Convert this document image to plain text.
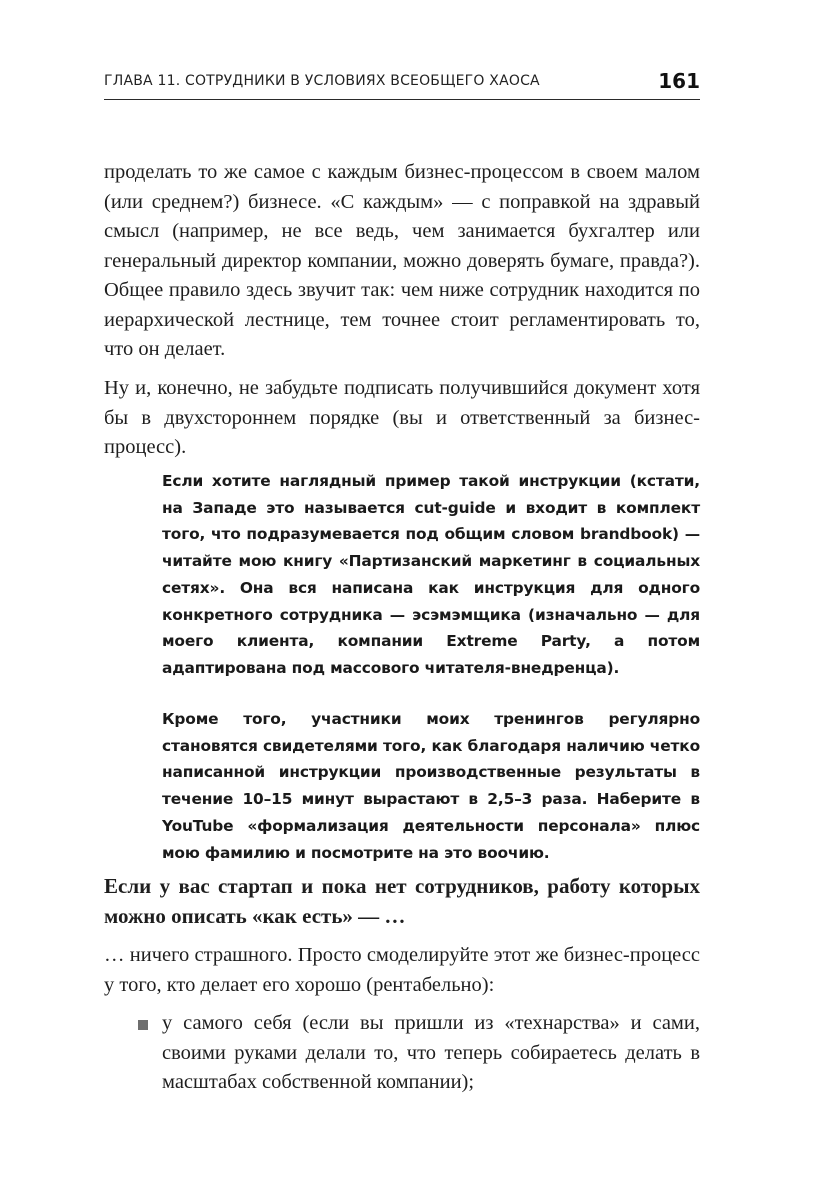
ГЛАВА 11. СОТРУДНИКИ В УСЛОВИЯХ ВСЕОБЩЕГО ХАОСА	161

проделать то же самое с каждым бизнес-процессом в своем малом (или среднем?) бизнесе. «С каждым» — с поправкой на здравый смысл (например, не все ведь, чем занимается бухгалтер или генеральный директор компании, можно доверять бумаге, правда?). Общее правило здесь звучит так: чем ниже сотрудник находится по иерархической лестнице, тем точнее стоит регламентировать то, что он делает.

Ну и, конечно, не забудьте подписать получившийся документ хотя бы в двухстороннем порядке (вы и ответственный за бизнес-процесс).

Если хотите наглядный пример такой инструкции (кстати, на Западе это называется cut-guide и входит в комплект того, что подразумевается под общим словом brandbook) — читайте мою книгу «Партизанский маркетинг в социальных сетях». Она вся написана как инструкция для одного конкретного сотрудника — эсэмэмщика (изначально — для моего клиента, компании Extreme Party, а потом адаптирована под массового читателя-внедренца).

Кроме того, участники моих тренингов регулярно становятся свидетелями того, как благодаря наличию четко написанной инструкции производственные результаты в течение 10–15 минут вырастают в 2,5–3 раза. Наберите в YouTube «формализация деятельности персонала» плюс мою фамилию и посмотрите на это воочию.

Если у вас стартап и пока нет сотрудников, работу которых можно описать «как есть» — …

… ничего страшного. Просто смоделируйте этот же бизнес-процесс у того, кто делает его хорошо (рентабельно):

у самого себя (если вы пришли из «технарства» и сами, своими руками делали то, что теперь собираетесь делать в масштабах собственной компании);
